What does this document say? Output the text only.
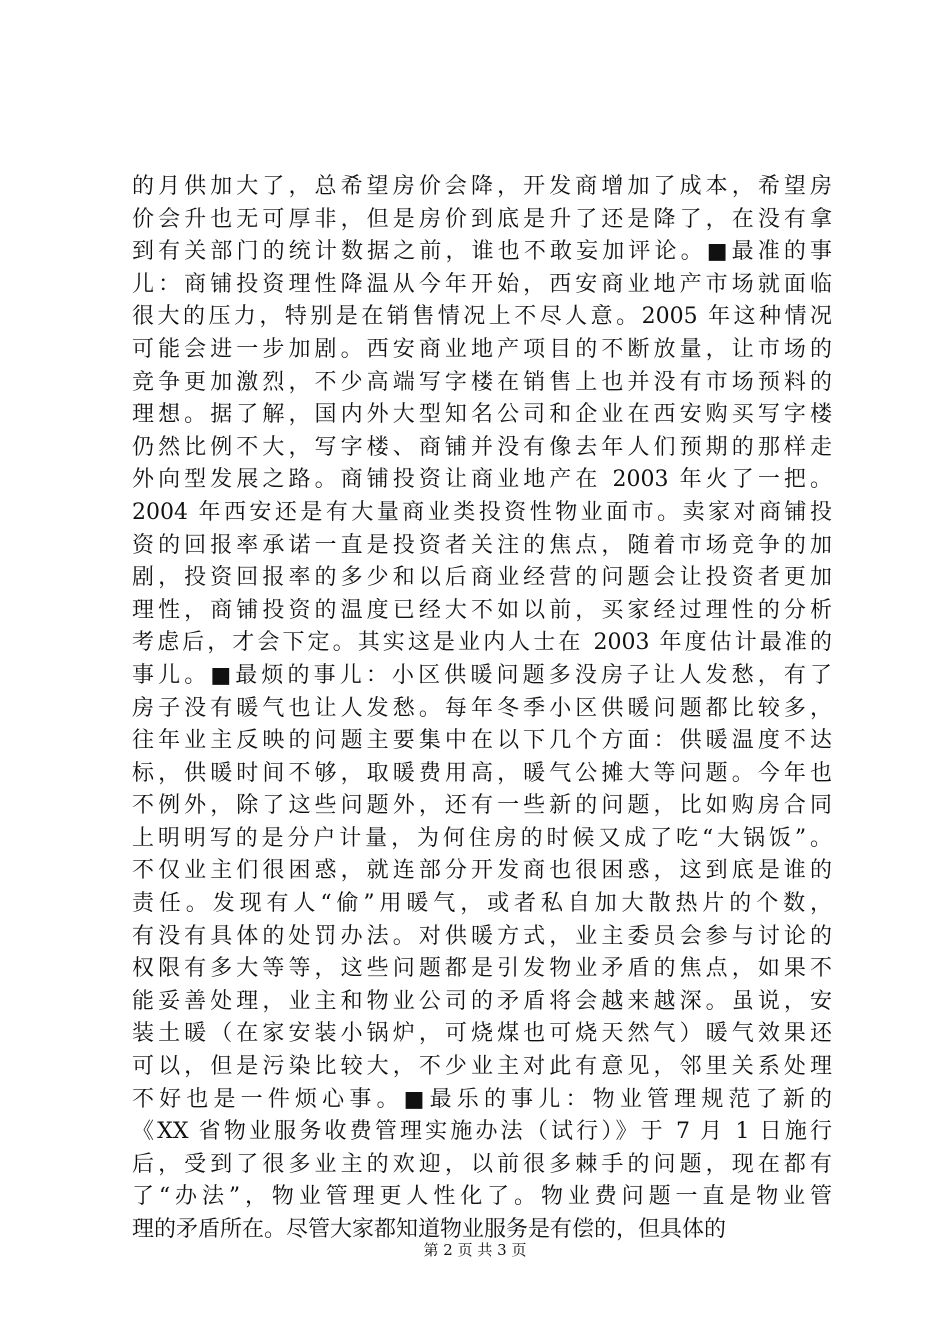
的月供加大了，总希望房价会降，开发商增加了成本，希望房
价会升也无可厚非，但是房价到底是升了还是降了，在没有拿
到有关部门的统计数据之前，谁也不敢妄加评论。■最准的事
儿：商铺投资理性降温从今年开始，西安商业地产市场就面临
很大的压力，特别是在销售情况上不尽人意。2005 年这种情况
可能会进一步加剧。西安商业地产项目的不断放量，让市场的
竞争更加激烈，不少高端写字楼在销售上也并没有市场预料的
理想。据了解，国内外大型知名公司和企业在西安购买写字楼
仍然比例不大，写字楼、商铺并没有像去年人们预期的那样走
外向型发展之路。商铺投资让商业地产在 2003 年火了一把。
2004 年西安还是有大量商业类投资性物业面市。卖家对商铺投
资的回报率承诺一直是投资者关注的焦点，随着市场竞争的加
剧，投资回报率的多少和以后商业经营的问题会让投资者更加
理性，商铺投资的温度已经大不如以前，买家经过理性的分析
考虑后，才会下定。其实这是业内人士在 2003 年度估计最准的
事儿。■最烦的事儿：小区供暖问题多没房子让人发愁，有了
房子没有暖气也让人发愁。每年冬季小区供暖问题都比较多，
往年业主反映的问题主要集中在以下几个方面：供暖温度不达
标，供暖时间不够，取暖费用高，暖气公摊大等问题。今年也
不例外，除了这些问题外，还有一些新的问题，比如购房合同
上明明写的是分户计量，为何住房的时候又成了吃“大锅饭”。
不仅业主们很困惑，就连部分开发商也很困惑，这到底是谁的
责任。发现有人“偷”用暖气，或者私自加大散热片的个数，
有没有具体的处罚办法。对供暖方式，业主委员会参与讨论的
权限有多大等等，这些问题都是引发物业矛盾的焦点，如果不
能妥善处理，业主和物业公司的矛盾将会越来越深。虽说，安
装土暖（在家安装小锅炉，可烧煤也可烧天然气）暖气效果还
可以，但是污染比较大，不少业主对此有意见，邻里关系处理
不好也是一件烦心事。■最乐的事儿：物业管理规范了新的
《XX 省物业服务收费管理实施办法（试行）》于 7 月 1 日施行
后，受到了很多业主的欢迎，以前很多棘手的问题，现在都有
了“办法”，物业管理更人性化了。物业费问题一直是物业管
理的矛盾所在。尽管大家都知道物业服务是有偿的，但具体的
第 2 页 共 3 页
